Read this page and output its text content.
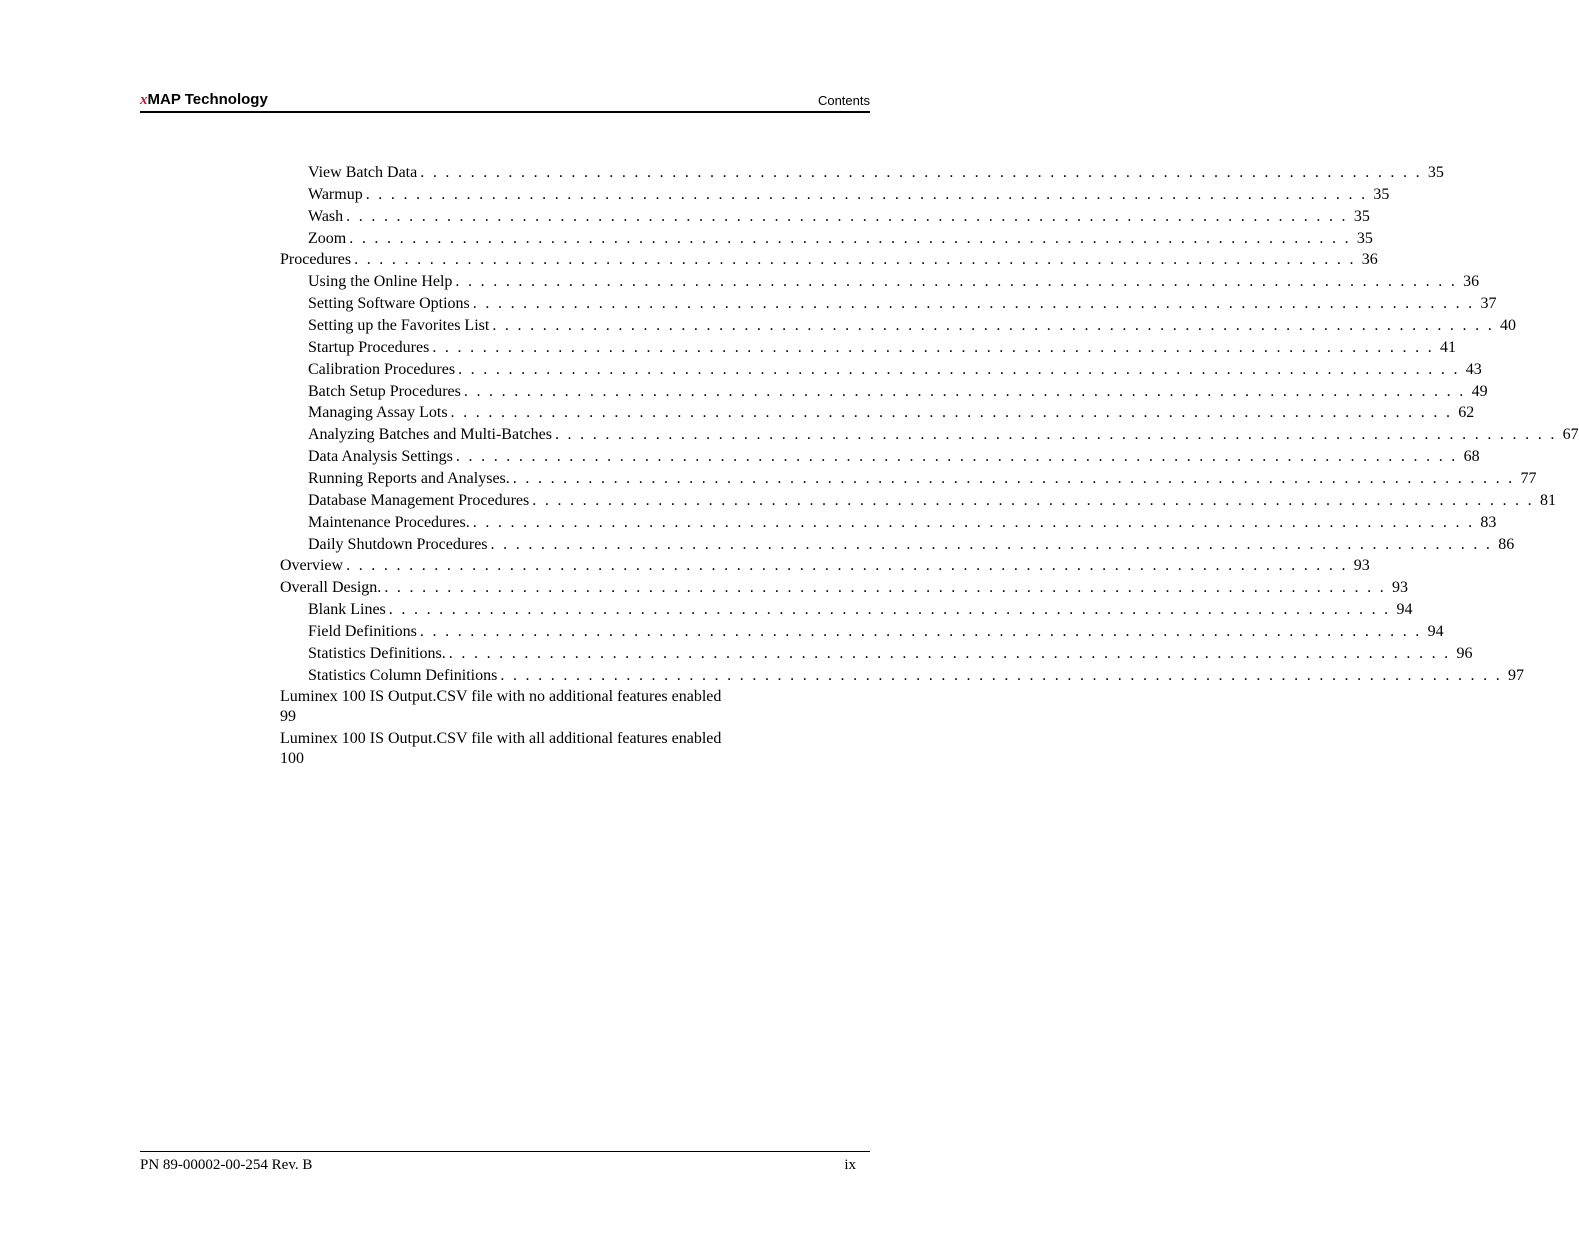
xMAP Technology	Contents
View Batch Data . . . . . . . . . . . . . . . . . . . . . . . . . . . . . . . . . . . . . . . . . . . . . . . . . . . . . . . . . . . . . . . . . . . . . . . . . . . . . . . . 35
Warmup . . . . . . . . . . . . . . . . . . . . . . . . . . . . . . . . . . . . . . . . . . . . . . . . . . . . . . . . . . . . . . . . . . . . . . . . . . . . . . . . 35
Wash . . . . . . . . . . . . . . . . . . . . . . . . . . . . . . . . . . . . . . . . . . . . . . . . . . . . . . . . . . . . . . . . . . . . . . . . . . . . . . . . 35
Zoom . . . . . . . . . . . . . . . . . . . . . . . . . . . . . . . . . . . . . . . . . . . . . . . . . . . . . . . . . . . . . . . . . . . . . . . . . . . . . . . . 35
Procedures . . . . . . . . . . . . . . . . . . . . . . . . . . . . . . . . . . . . . . . . . . . . . . . . . . . . . . . . . . . . . . . . . . . . . . . . . . . . . . . . 36
Using the Online Help . . . . . . . . . . . . . . . . . . . . . . . . . . . . . . . . . . . . . . . . . . . . . . . . . . . . . . . . . . . . . . . . . . . . . . . . . . . . . . . . 36
Setting Software Options . . . . . . . . . . . . . . . . . . . . . . . . . . . . . . . . . . . . . . . . . . . . . . . . . . . . . . . . . . . . . . . . . . . . . . . . . . . . . . . . 37
Setting up the Favorites List . . . . . . . . . . . . . . . . . . . . . . . . . . . . . . . . . . . . . . . . . . . . . . . . . . . . . . . . . . . . . . . . . . . . . . . . . . . . . . . . 40
Startup Procedures . . . . . . . . . . . . . . . . . . . . . . . . . . . . . . . . . . . . . . . . . . . . . . . . . . . . . . . . . . . . . . . . . . . . . . . . . . . . . . . . 41
Calibration Procedures . . . . . . . . . . . . . . . . . . . . . . . . . . . . . . . . . . . . . . . . . . . . . . . . . . . . . . . . . . . . . . . . . . . . . . . . . . . . . . . . 43
Batch Setup Procedures . . . . . . . . . . . . . . . . . . . . . . . . . . . . . . . . . . . . . . . . . . . . . . . . . . . . . . . . . . . . . . . . . . . . . . . . . . . . . . . . 49
Managing Assay Lots . . . . . . . . . . . . . . . . . . . . . . . . . . . . . . . . . . . . . . . . . . . . . . . . . . . . . . . . . . . . . . . . . . . . . . . . . . . . . . . . 62
Analyzing Batches and Multi-Batches . . . . . . . . . . . . . . . . . . . . . . . . . . . . . . . . . . . . . . . . . . . . . . . . . . . . . . . . . . . . . . . . . . . . . . . . . . . . . . . . 67
Data Analysis Settings . . . . . . . . . . . . . . . . . . . . . . . . . . . . . . . . . . . . . . . . . . . . . . . . . . . . . . . . . . . . . . . . . . . . . . . . . . . . . . . . 68
Running Reports and Analyses. . . . . . . . . . . . . . . . . . . . . . . . . . . . . . . . . . . . . . . . . . . . . . . . . . . . . . . . . . . . . . . . . . . . . . . . . . . . . . . . . 77
Database Management Procedures . . . . . . . . . . . . . . . . . . . . . . . . . . . . . . . . . . . . . . . . . . . . . . . . . . . . . . . . . . . . . . . . . . . . . . . . . . . . . . . . 81
Maintenance Procedures. . . . . . . . . . . . . . . . . . . . . . . . . . . . . . . . . . . . . . . . . . . . . . . . . . . . . . . . . . . . . . . . . . . . . . . . . . . . . . . . . 83
Daily Shutdown Procedures . . . . . . . . . . . . . . . . . . . . . . . . . . . . . . . . . . . . . . . . . . . . . . . . . . . . . . . . . . . . . . . . . . . . . . . . . . . . . . . . 86
Overview . . . . . . . . . . . . . . . . . . . . . . . . . . . . . . . . . . . . . . . . . . . . . . . . . . . . . . . . . . . . . . . . . . . . . . . . . . . . . . . . 93
Overall Design. . . . . . . . . . . . . . . . . . . . . . . . . . . . . . . . . . . . . . . . . . . . . . . . . . . . . . . . . . . . . . . . . . . . . . . . . . . . . . . . . 93
Blank Lines . . . . . . . . . . . . . . . . . . . . . . . . . . . . . . . . . . . . . . . . . . . . . . . . . . . . . . . . . . . . . . . . . . . . . . . . . . . . . . . . 94
Field Definitions . . . . . . . . . . . . . . . . . . . . . . . . . . . . . . . . . . . . . . . . . . . . . . . . . . . . . . . . . . . . . . . . . . . . . . . . . . . . . . . . 94
Statistics Definitions. . . . . . . . . . . . . . . . . . . . . . . . . . . . . . . . . . . . . . . . . . . . . . . . . . . . . . . . . . . . . . . . . . . . . . . . . . . . . . . . . 96
Statistics Column Definitions . . . . . . . . . . . . . . . . . . . . . . . . . . . . . . . . . . . . . . . . . . . . . . . . . . . . . . . . . . . . . . . . . . . . . . . . . . . . . . . . 97
Luminex 100 IS Output.CSV file with no additional features enabled
99
Luminex 100 IS Output.CSV file with all additional features enabled
100
PN 89-00002-00-254 Rev. B	ix
